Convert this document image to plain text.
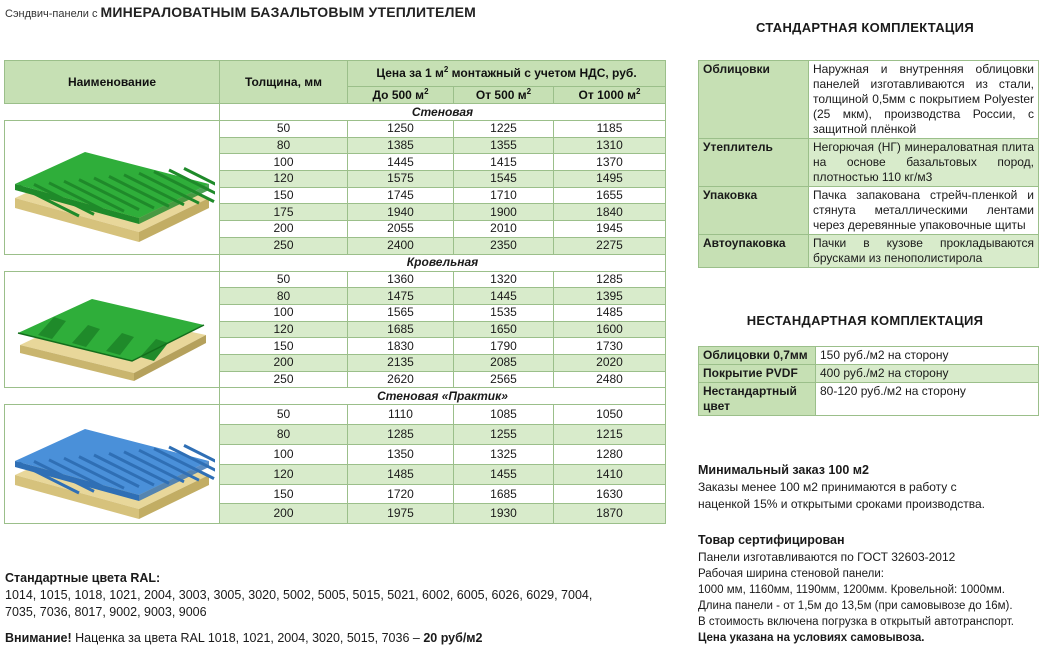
Сэндвич-панели с МИНЕРАЛОВАТНЫМ БАЗАЛЬТОВЫМ УТЕПЛИТЕЛЕМ
Наименование	Толщина, мм	Цена за 1 $м^2$ монтажный с учетом НДС, руб.		
		До 500 $м^2$	От 500 $м^2$	От 1000 $м^2$
	Стеновая			

	50	1250	1225	1185
	80	1385	1355	1310
	100	1445	1415	1370
	120	1575	1545	1495
	150	1745	1710	1655
	175	1940	1900	1840
	200	2055	2010	1945
	250	2400	2350	2275
	Кровельная			

	50	1360	1320	1285
	80	1475	1445	1395
	100	1565	1535	1485
	120	1685	1650	1600
	150	1830	1790	1730
	200	2135	2085	2020
	250	2620	2565	2480
	Стеновая «Практик»			

	50	1110	1085	1050
	80	1285	1255	1215
	100	1350	1325	1280
	120	1485	1455	1410
	150	1720	1685	1630
	200	1975	1930	1870
СТАНДАРТНАЯ КОМПЛЕКТАЦИЯ
Облицовки	Наружная и внутренняя облицовки панелей изготавливаются из стали, толщиной 0,5мм с покрытием Polyester (25 мкм), производства России, с защитной плёнкой
Утеплитель	Негорючая (НГ) минераловатная плита на основе базальтовых пород, плотностью 110 кг/м3
Упаковка	Пачка запакована стрейч-пленкой и стянута металлическими лентами через деревянные упаковочные щиты
Автоупаковка	Пачки в кузове прокладываются брусками из пенополистирола
НЕСТАНДАРТНАЯ КОМПЛЕКТАЦИЯ
Облицовки 0,7мм	150 руб./м2 на сторону
Покрытие PVDF	400 руб./м2 на сторону
Нестандартный цвет	80-120 руб./м2 на сторону
Минимальный заказ 100 м2
Заказы менее 100 м2 принимаются в работу с
наценкой 15% и открытыми сроками производства.
Товар сертифицирован
Панели изготавливаются по ГОСТ 32603-2012
Рабочая ширина стеновой панели:
1000 мм, 1160мм, 1190мм, 1200мм. Кровельной: 1000мм.
Длина панели - от 1,5м до 13,5м (при самовывозе до 16м).
В стоимость включена погрузка в открытый автотранспорт.
Цена указана на условиях самовывоза.
Стандартные цвета RAL:
1014, 1015, 1018, 1021, 2004, 3003, 3005, 3020, 5002, 5005, 5015, 5021, 6002, 6005, 6026, 6029, 7004,
7035, 7036, 8017, 9002, 9003, 9006
Внимание! Наценка за цвета RAL 1018, 1021, 2004, 3020, 5015, 7036 – 20 руб/м2
